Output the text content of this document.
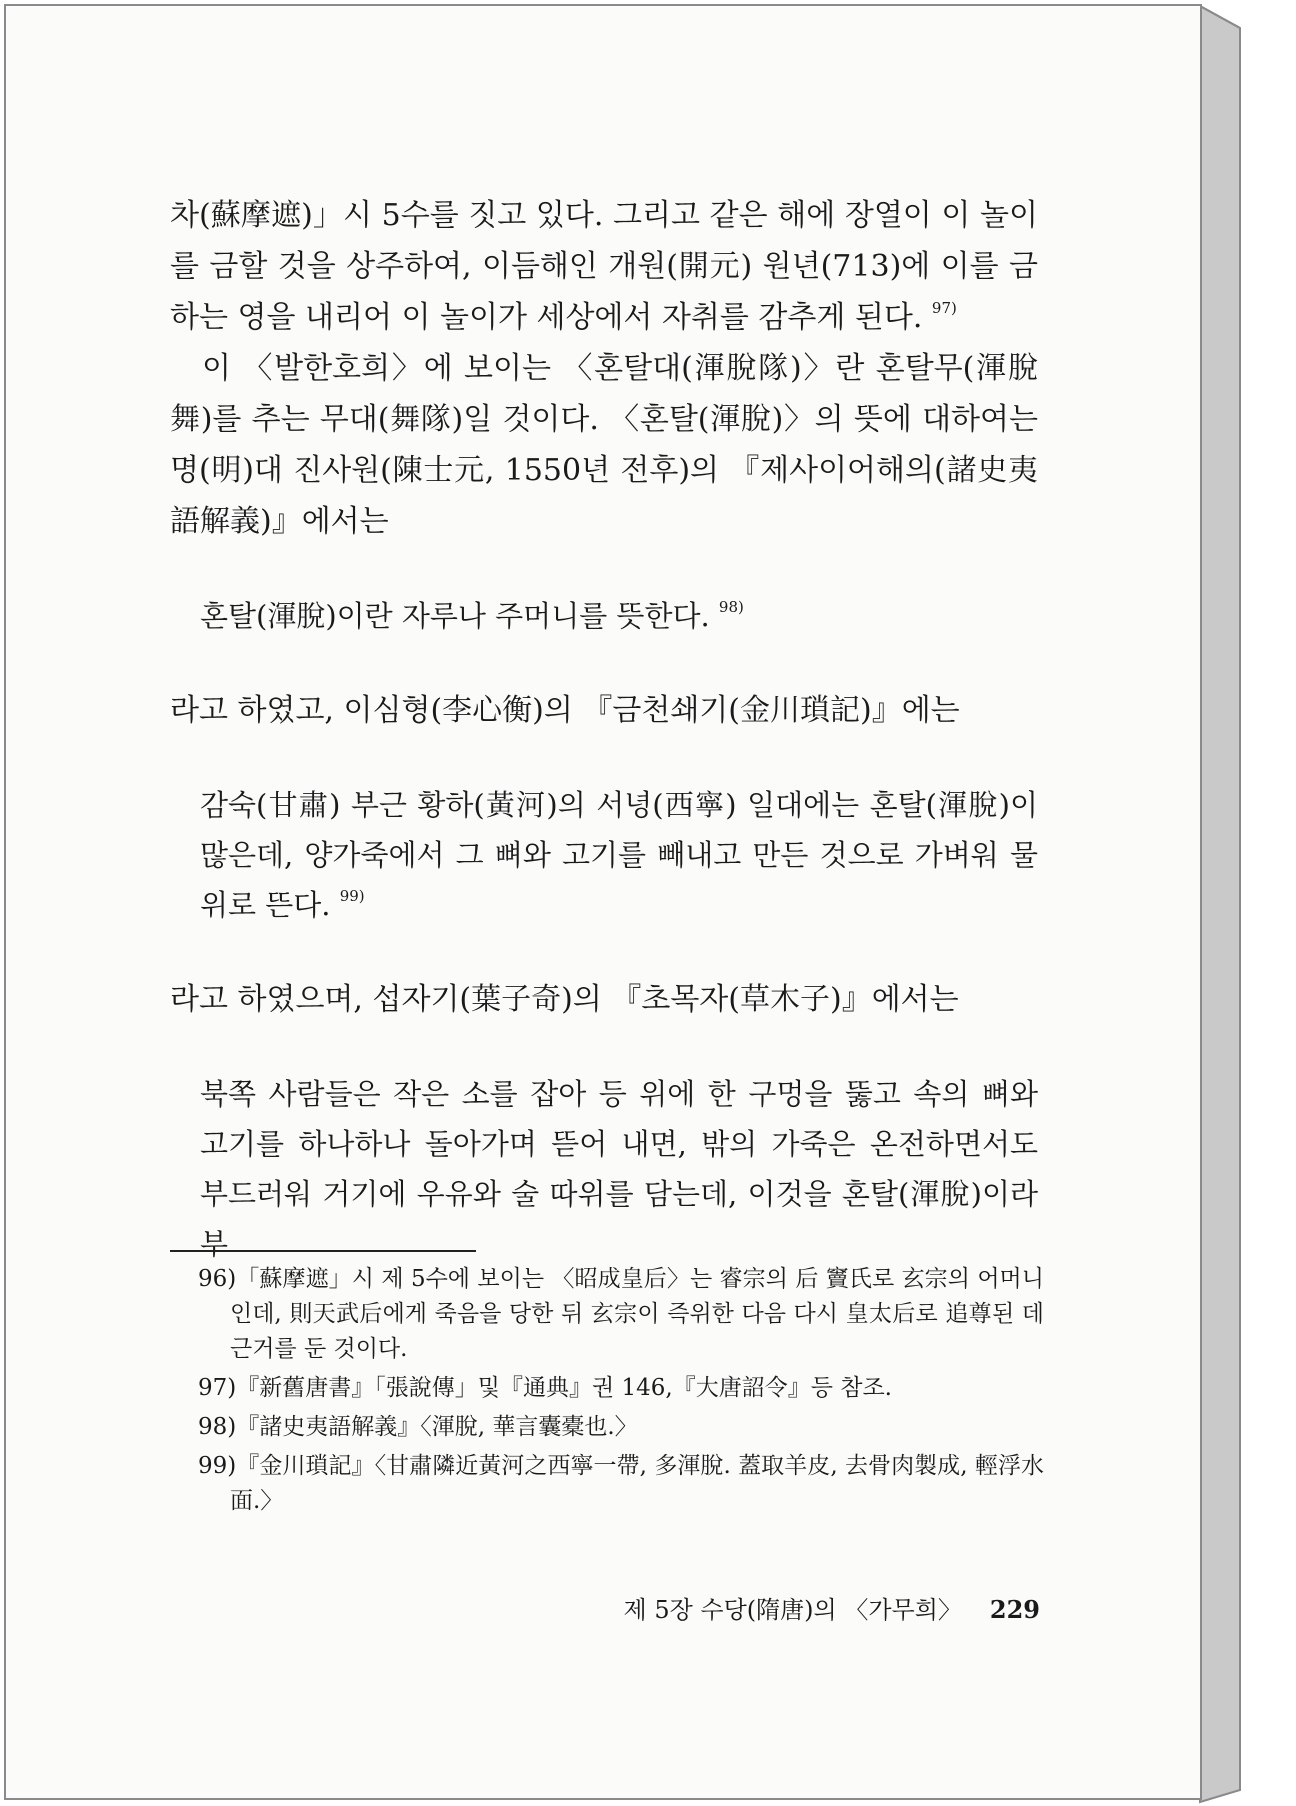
차(蘇摩遮)」시 5수를 짓고 있다. 그리고 같은 해에 장열이 이 놀이를 금할 것을 상주하여, 이듬해인 개원(開元) 원년(713)에 이를 금하는 영을 내리어 이 놀이가 세상에서 자취를 감추게 된다. $^{97)}$

이 〈발한호희〉에 보이는 〈혼탈대(渾脫隊)〉란 혼탈무(渾脫舞)를 추는 무대(舞隊)일 것이다. 〈혼탈(渾脫)〉의 뜻에 대하여는 명(明)대 진사원(陳士元, 1550년 전후)의 『제사이어해의(諸史夷語解義)』에서는

혼탈(渾脫)이란 자루나 주머니를 뜻한다. $^{98)}$

라고 하였고, 이심형(李心衡)의 『금천쇄기(金川瑣記)』에는

감숙(甘肅) 부근 황하(黃河)의 서녕(西寧) 일대에는 혼탈(渾脫)이 많은데, 양가죽에서 그 뼈와 고기를 빼내고 만든 것으로 가벼워 물 위로 뜬다. $^{99)}$

라고 하였으며, 섭자기(葉子奇)의 『초목자(草木子)』에서는

북쪽 사람들은 작은 소를 잡아 등 위에 한 구멍을 뚫고 속의 뼈와 고기를 하나하나 돌아가며 뜯어 내면, 밖의 가죽은 온전하면서도 부드러워 거기에 우유와 술 따위를 담는데, 이것을 혼탈(渾脫)이라 부

96)「蘇摩遮」시 제 5수에 보이는 〈昭成皇后〉는 睿宗의 后 竇氏로 玄宗의 어머니인데, 則天武后에게 죽음을 당한 뒤 玄宗이 즉위한 다음 다시 皇太后로 追尊된 데 근거를 둔 것이다.

97)『新舊唐書』「張說傳」및『通典』권 146,『大唐詔令』등 참조.

98)『諸史夷語解義』〈渾脫, 華言囊橐也.〉

99)『金川瑣記』〈甘肅隣近黃河之西寧一帶, 多渾脫. 蓋取羊皮, 去骨肉製成, 輕浮水面.〉

제 5장 수당(隋唐)의 〈가무희〉 229
